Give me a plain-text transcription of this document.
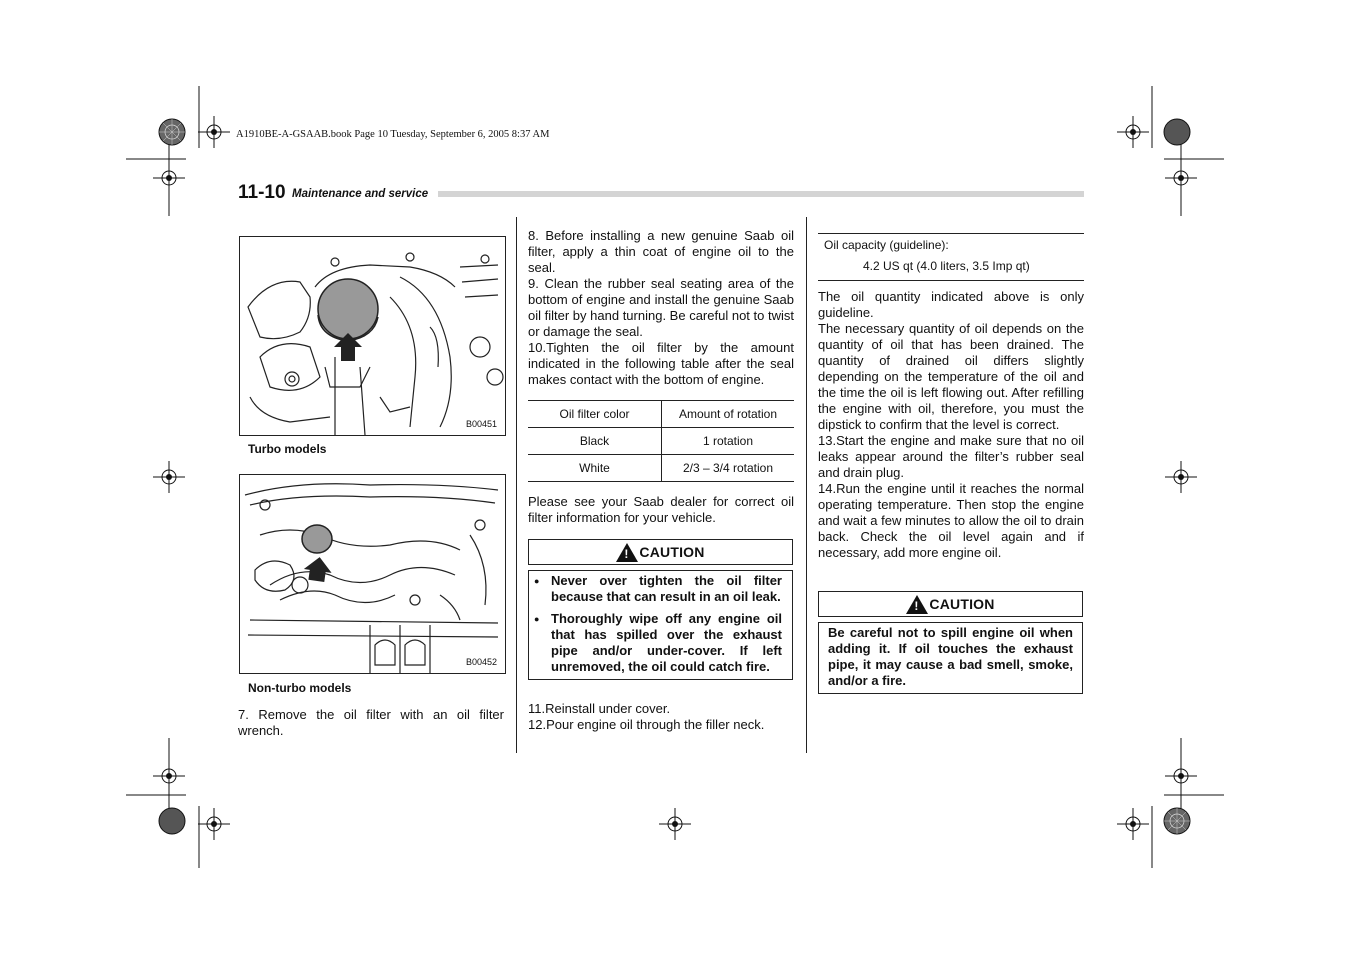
A1910BE-A-GSAAB.book Page 10 Tuesday, September 6, 2005 8:37 AM
11-10 Maintenance and service
B00451
Turbo models
B00452
Non-turbo models

7. Remove the oil filter with an oil filter wrench.

8. Before installing a new genuine Saab oil filter, apply a thin coat of engine oil to the seal.

9. Clean the rubber seal seating area of the bottom of engine and install the genuine Saab oil filter by hand turning. Be careful not to twist or damage the seal.

10.Tighten the oil filter by the amount indicated in the following table after the seal makes contact with the bottom of engine.

Oil filter color	Amount of rotation
Black	1 rotation
White	2/3 – 3/4 rotation

Please see your Saab dealer for correct oil filter information for your vehicle.

!
CAUTION
● Never over tighten the oil filter because that can result in an oil leak.
● Thoroughly wipe off any engine oil that has spilled over the exhaust pipe and/or under-cover. If left unremoved, the oil could catch fire.

11.Reinstall under cover.

12.Pour engine oil through the filler neck.

Oil capacity (guideline):
4.2 US qt (4.0 liters, 3.5 Imp qt)

The oil quantity indicated above is only guideline.

The necessary quantity of oil depends on the quantity of oil that has been drained. The quantity of drained oil differs slightly depending on the temperature of the oil and the time the oil is left flowing out. After refilling the engine with oil, therefore, you must the dipstick to confirm that the level is correct.

13.Start the engine and make sure that no oil leaks appear around the filter’s rubber seal and drain plug.

14.Run the engine until it reaches the normal operating temperature. Then stop the engine and wait a few minutes to allow the oil to drain back. Check the oil level again and if necessary, add more engine oil.

!
CAUTION
Be careful not to spill engine oil when adding it. If oil touches the exhaust pipe, it may cause a bad smell, smoke, and/or a fire.
